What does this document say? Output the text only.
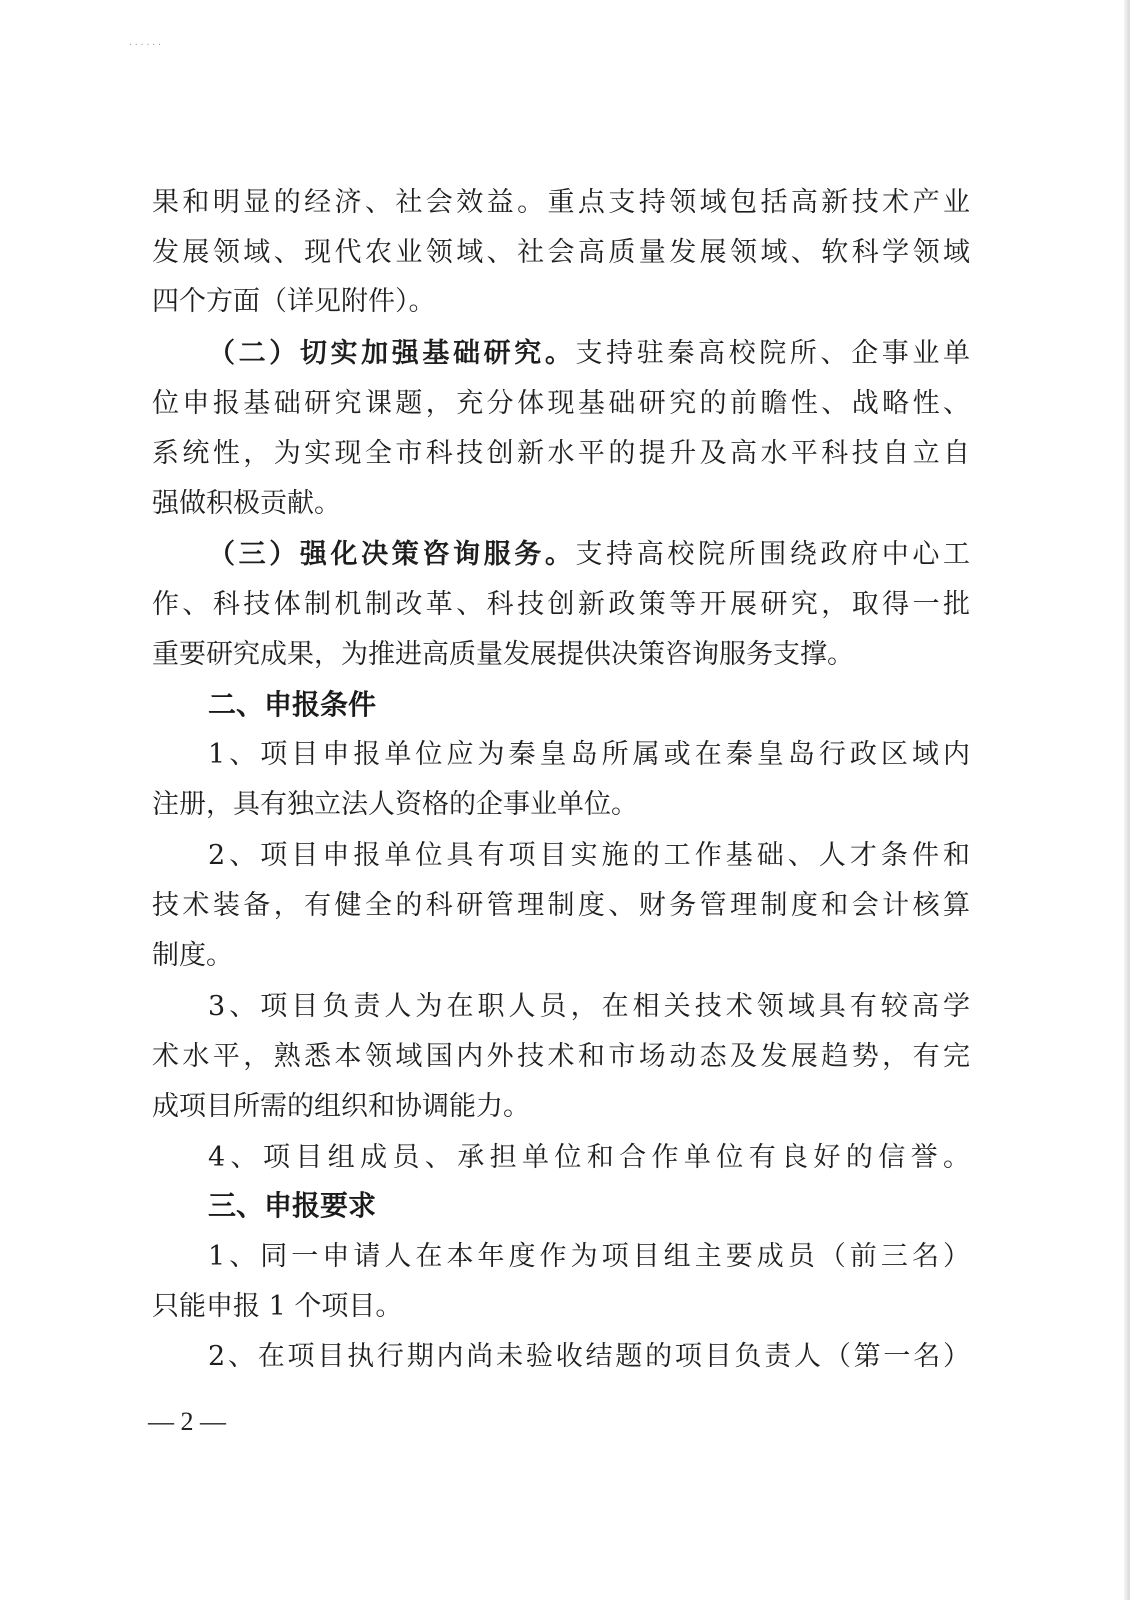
......
果和明显的经济、社会效益。重点支持领域包括高新技术产业
发展领域、现代农业领域、社会高质量发展领域、软科学领域
四个方面（详见附件）。
（二）切实加强基础研究。支持驻秦高校院所、企事业单
位申报基础研究课题，充分体现基础研究的前瞻性、战略性、
系统性，为实现全市科技创新水平的提升及高水平科技自立自
强做积极贡献。
（三）强化决策咨询服务。支持高校院所围绕政府中心工
作、科技体制机制改革、科技创新政策等开展研究，取得一批
重要研究成果，为推进高质量发展提供决策咨询服务支撑。
二、申报条件
1、项目申报单位应为秦皇岛所属或在秦皇岛行政区域内
注册，具有独立法人资格的企事业单位。
2、项目申报单位具有项目实施的工作基础、人才条件和
技术装备，有健全的科研管理制度、财务管理制度和会计核算
制度。
3、项目负责人为在职人员，在相关技术领域具有较高学
术水平，熟悉本领域国内外技术和市场动态及发展趋势，有完
成项目所需的组织和协调能力。
4、项目组成员、承担单位和合作单位有良好的信誉。
三、申报要求
1、同一申请人在本年度作为项目组主要成员（前三名）
只能申报 1 个项目。
2、在项目执行期内尚未验收结题的项目负责人（第一名）
— 2 —
